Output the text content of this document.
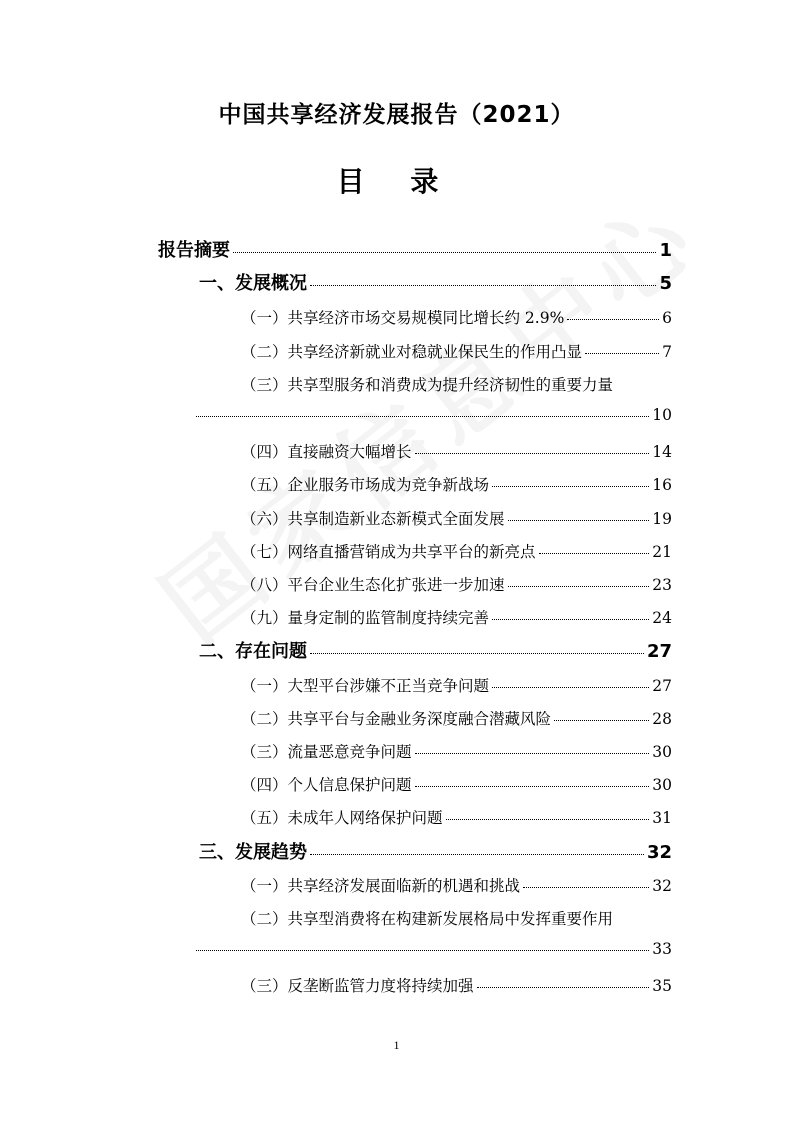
中国共享经济发展报告（2021）
目 录
报告摘要	1
一、发展概况	5
（一）共享经济市场交易规模同比增长约 2.9%	6
（二）共享经济新就业对稳就业保民生的作用凸显	7
（三）共享型服务和消费成为提升经济韧性的重要力量
10
（四）直接融资大幅增长	14
（五）企业服务市场成为竞争新战场	16
（六）共享制造新业态新模式全面发展	19
（七）网络直播营销成为共享平台的新亮点	21
（八）平台企业生态化扩张进一步加速	23
（九）量身定制的监管制度持续完善	24
二、存在问题	27
（一）大型平台涉嫌不正当竞争问题	27
（二）共享平台与金融业务深度融合潜藏风险	28
（三）流量恶意竞争问题	30
（四）个人信息保护问题	30
（五）未成年人网络保护问题	31
三、发展趋势	32
（一）共享经济发展面临新的机遇和挑战	32
（二）共享型消费将在构建新发展格局中发挥重要作用
33
（三）反垄断监管力度将持续加强	35
1
